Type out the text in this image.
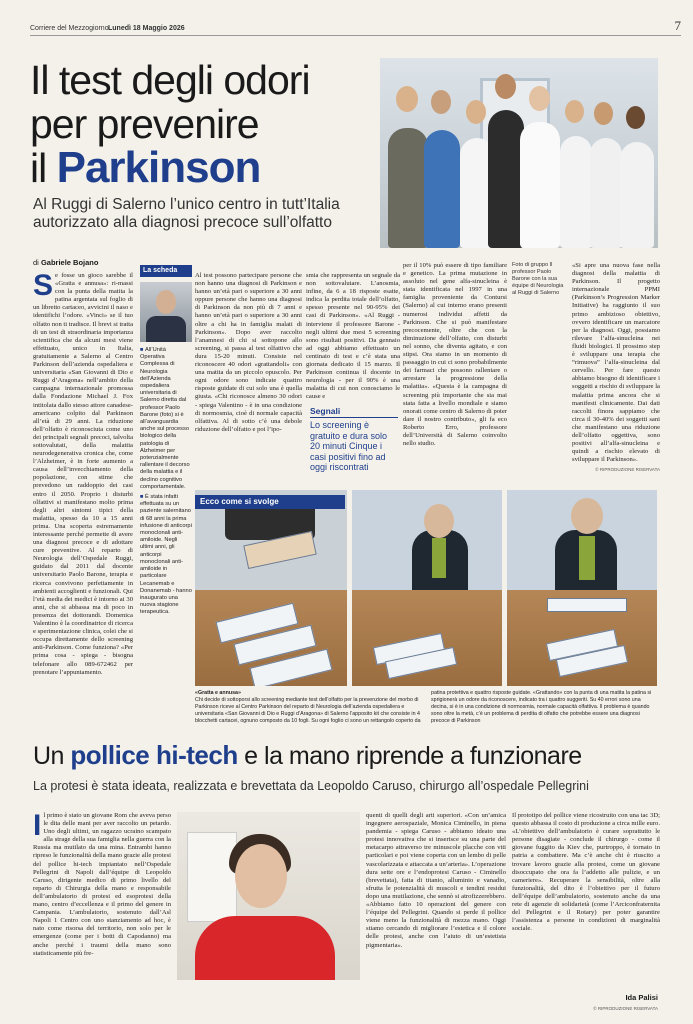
Corriere del Mezzogiorno Lunedì 18 Maggio 2026	7
Il test degli odori
per prevenire
il Parkinson
Al Ruggi di Salerno l’unico centro in tutt’Italia autorizzato alla diagnosi precoce sull’olfatto
di Gabriele Bojano
Se fosse un gioco sarebbe il «Gratta e annusa»: ri-massi con la punta della matita la patina argentata sul foglio di un libretto cartaceo, avvicini il naso e identifichi l’odore. «Vinci» se il tuo olfatto non ti tradisce. Il brevi si tratta di un test di straordinaria importanza scientifica che da alcuni mesi viene effettuato, unico in Italia, gratuitamente a Salerno al Centro Parkinson dell’azienda ospedaliera e universitaria «San Giovanni di Dio e Ruggi d’Aragona» nell’ambito della campagna internazionale promossa dalla Fondazione Michael J. Fox intitolata dallo stesso attore canadese-americano colpito dal Parkinson all’età di 29 anni. La riduzione dell’olfatto è riconosciuta come uno dei principali segnali precoci, talvolta sottovalutati, della malattia neurodegenerativa cronica che, come l’Alzheimer, è in forte aumento a causa dell’invecchiamento della popolazione, con stime che prevedono un raddoppio dei casi entro il 2050. Proprio i disturbi olfattivi si manifestano molto prima degli altri sintomi tipici della malattia, spesso da 10 a 15 anni prima. Una scoperta estremamente interessante perché permette di avere una diagnosi precoce e di adottare cure preventive. Al reparto di Neurologia dell’Ospedale Ruggi, guidato dal 2011 dal docente universitario Paolo Barone, terapia e ricerca convivono perfettamente in ambienti accoglienti e funzionali. Qui l’età media dei medici è intorno ai 30 anni, che si abbassa ma di poco in presenza dei dottorandi. Domenica Valentino è la coordinatrice di ricerca e sperimentazione clinica, colei che si occupa direttamente dello screening anti-Parkinson. Come funziona? «Per prima cosa - spiega - bisogna telefonare allo 089-672462 per prenotare l’appuntamento.
La scheda
■ All’Unità Operativa Complessa di Neurologia dell’Azienda ospedaliera universitaria di Salerno diretta dal professor Paolo Barone (foto) si è all’avanguardia anche sul processo biologico della patologia di Alzheimer per potenzialmente rallentare il decorso della malattia e il declino cognitivo comportamentale.
■ È stata infatti effettuata su un paziente salernitano di 68 anni la prima infusione di anticorpi monoclonali anti-amiloide. Negli ultimi anni, gli anticorpi monoclonali anti-amiloide in particolare Lecanemab e Donanemab - hanno inaugurato una nuova stagione terapeutica.
Al test possono partecipare persone che non hanno una diagnosi di Parkinson e hanno un’età pari o superiore a 30 anni oppure persone che hanno una diagnosi di Parkinson da non più di 7 anni e hanno un’età pari o superiore a 30 anni oltre a chi ha in famiglia malati di Parkinson». Dopo aver raccolto l’anamnesi di chi si sottopone allo screening, si passa al test olfattivo che dura 15-20 minuti. Consiste nel riconoscere 40 odori «grattandoli» con una matita da un piccolo opuscolo. Per ogni odore sono indicate quattro risposte guidate di cui solo una è quella giusta. «Chi riconosce almeno 30 odori - spiega Valentino - è in una condizione di normosmia, cioè di normale capacità olfattiva. Al di sotto c’è una debole riduzione dell’olfatto e poi l’ipo-
smia che rappresenta un segnale da non sottovalutare. L’anosmia, infine, da 6 a 18 risposte esatte, indica la perdita totale dell’olfatto, spesso presente nel 90-95% dei casi di Parkinson». «Al Ruggi - interviene il professore Barone - negli ultimi due mesi 5 screening sono risultati positivi. Da gennaio ad oggi abbiamo effettuato un centinaio di test e c’è stata una giornata dedicato il 15 marzo. Il Parkinson continua il docente in neurologia - per il 90% è una malattia di cui non conosciamo le cause e
Segnali
Lo screening è gratuito e dura solo 20 minuti Cinque i casi positivi fino ad oggi riscontrati
per il 10% può essere di tipo familiare e genetico. La prima mutazione in assoluto nel gene alfa-sinucleina è stata identificata nel 1997 in una famiglia proveniente da Contursi (Salerno) al cui interno erano presenti numerosi individui affetti da Parkinson. Che si può manifestare precocemente, oltre che con la diminuzione dell’olfatto, con disturbi nel sonno, che diventa agitato, e con stipsi. Ora siamo in un momento di passaggio in cui ci sono probabilmente dei farmaci che possono rallentare o arrestare la progressione della malattia». «Questa è la campagna di screening più importante che sia mai stata fatta a livello mondiale e siamo onorati come centro di Salerno di poter dare il nostro contributo», gli fa eco Roberto Erro, professore dell’Università di Salerno coinvolto nello studio.
Foto di gruppo Il professor Paolo Barone con la sua équipe di Neurologia al Ruggi di Salerno
«Si apre una nuova fase nella diagnosi della malattia di Parkinson. Il progetto internazionale PPMI (Parkinson’s Progression Marker Initiative) ha raggiunto il suo primo ambizioso obiettivo, ovvero identificare un marcatore per la diagnosi. Oggi, possiamo rilevare l’alfa-sinucleina nei fluidi biologici. Il prossimo step è sviluppare una terapia che “rimuova” l’alfa-sinucleina dal cervello. Per fare questo abbiamo bisogno di identificare i soggetti a rischio di sviluppare la malattia prima ancora che si manifesti clinicamente. Dai dati raccolti finora sappiamo che circa il 30-40% dei soggetti sani che manifestano una riduzione dell’olfatto oggettiva, sono positivi all’alfa-sinucleina e quindi a rischio elevato di sviluppare il Parkinson».
© RIPRODUZIONE RISERVATA
Ecco come si svolge
«Gratta e annusa»
Chi decide di sottoporsi allo screening mediante test dell’olfatto per la prevenzione del morbo di Parkinson riceve al Centro Parkinson del reparto di Neurologia dell’azienda ospedaliera e universitaria «San Giovanni di Dio e Ruggi d’Aragona» di Salerno l’apposito kit che consiste in 4 blocchetti cartacei, ognuno composto da 10 fogli. Su ogni foglio ci sono un rettangolo coperto da patina protettiva e quattro risposte guidate. «Grattando» con la punta di una matita la patina si sprigionerà un odore da riconoscere, indicato tra i quattro suggeriti. Su 40 errori sono una decina, si è in una condizione di normosmia, normale capacità olfattiva. Il problema è quando sono oltre la metà, c’è un problema di perdita di olfatto che potrebbe essere una diagnosi precoce di Parkinson
Un pollice hi-tech e la mano riprende a funzionare
La protesi è stata ideata, realizzata e brevettata da Leopoldo Caruso, chirurgo all’ospedale Pellegrini
Il primo è stato un giovane Rom che aveva perso le dita delle mani per aver raccolto un petardo. Uno degli ultimi, un ragazzo ucraino scampato alla strage della sua famiglia nella guerra con la Russia ma mutilato da una mina. Entrambi hanno ripreso le funzionalità della mano grazie alle protesi del pollice hi-tech impiantato nell’Ospedale Pellegrini di Napoli dall’équipe di Leopoldo Caruso, dirigente medico di primo livello del reparto di Chirurgia della mano e responsabile dell’ambulatorio di protesi ed esoprotesi della mano, centro d’eccellenza e il primo del genere in Campania. L’ambulatorio, sostenuto dall’Asl Napoli 1 Centro con uno stanziamento ad hoc, è nato come risorsa del territorio, non solo per le emergenze (come per i botti di Capodanno) ma anche perché i traumi della mano sono statisticamente più fre-
quenti di quelli degli arti superiori. «Con un’amica ingegnere aerospaziale, Monica Ciminello, in piena pandemia - spiega Caruso - abbiamo ideato una protesi innovativa che si inserisce su una parte del metacarpo attraverso tre minuscole placche con viti particolari e poi viene coperta con un lembo di pelle vascolarizzata e attaccata a un’arteria». L’operazione dura sette ore e l’endoprotesi Caruso - Ciminello (brevettata), fatta di titanio, alluminio e vanadio, sfrutta le potenzialità di muscoli e tendini residui dopo una mutilazione, che sennò si atrofizzerebbero. «Abbiamo fatto 10 operazioni del genere con l’équipe del Pellegrini. Quando si perde il pollice viene meno la funzionalità di mezza mano. Oggi stiamo cercando di migliorare l’estetica e il colore delle protesi, anche con l’aiuto di un’estetista pigmentaria».
Il prototipo del pollice viene ricostruito con una tac 3D; questo abbassa il costo di produzione a circa mille euro. «L’obiettivo dell’ambulatorio è curare soprattutto le persone disagiate - conclude il chirurgo - come il giovane fuggito da Kiev che, purtroppo, è tornato in patria a combattere. Ma c’è anche chi è riuscito a trovare lavoro grazie alla protesi, come un giovane disoccupato che ora fa l’addetto alle pulizie, e un cameriere». Recuperare la sensibilità, oltre alla funzionalità, del dito è l’obiettivo per il futuro dell’équipe dell’ambulatorio, sostenuto anche da una rete di agenzie di solidarietà (come l’Arciconfraternita del Pellegrini e il Rotary) per poter garantire l’assistenza a persone in condizioni di marginalità sociale.
Ida Palisi
© RIPRODUZIONE RISERVATA
